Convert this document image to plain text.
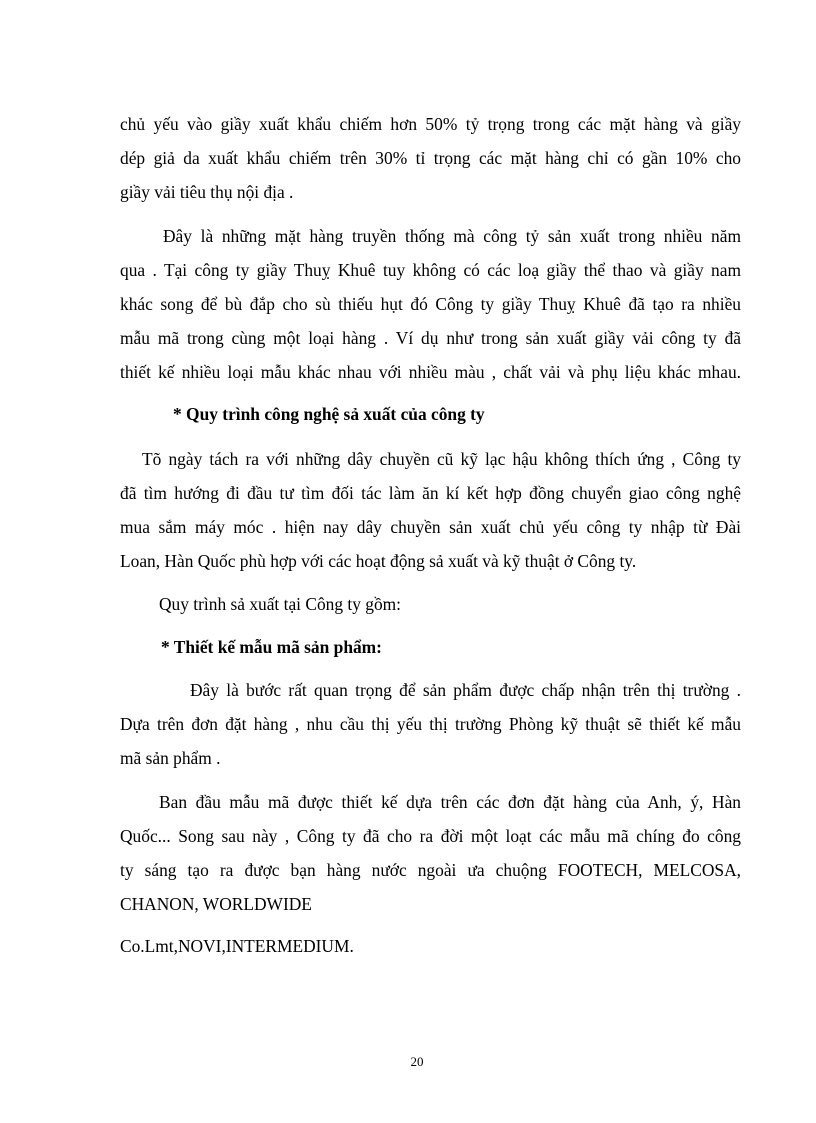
chủ yếu vào giầy xuất khẩu chiếm hơn 50% tỷ trọng trong các mặt hàng và giầy

dép giả da xuất khẩu chiếm trên 30% tỉ trọng các mặt hàng chỉ có gần 10% cho

giầy vải tiêu thụ nội địa .

Đây là những mặt hàng truyền thống mà công tỷ sản xuất trong nhiều năm

qua . Tại công ty giầy Thuỵ Khuê tuy không có các loạ giầy thể thao và giầy nam

khác song để bù đắp cho sù thiếu hụt đó Công ty giầy Thuỵ Khuê đã tạo ra nhiều

mẫu mã trong cùng một loại hàng . Ví dụ như trong sản xuất giầy vải công ty đã

thiết kế nhiều loại mẫu khác nhau với nhiều màu , chất vải và phụ liệu khác mhau.

* Quy trình công nghệ sả xuất của công ty

Tõ ngày tách ra với những dây chuyền cũ kỹ lạc hậu không thích ứng , Công ty

đã tìm hướng đi đầu tư tìm đối tác làm ăn kí kết hợp đồng chuyển giao công nghệ

mua sắm máy móc . hiện nay dây chuyền sản xuất chủ yếu công ty nhập từ Đài

Loan, Hàn Quốc phù hợp với các hoạt động sả xuất và kỹ thuật ở Công ty.

Quy trình sả xuất tại Công ty gồm:

* Thiết kế mẫu mã sản phẩm:

Đây là bước rất quan trọng để sản phẩm được chấp nhận trên thị trường .

Dựa trên đơn đặt hàng , nhu cầu thị yếu thị trường Phòng kỹ thuật sẽ thiết kế mẫu

mã sản phẩm .

Ban đầu mẫu mã được thiết kế dựa trên các đơn đặt hàng của Anh, ý, Hàn

Quốc... Song sau này , Công ty đã cho ra đời một loạt các mẫu mã chíng đo công

ty sáng tạo ra được bạn hàng nước ngoài ưa chuộng FOOTECH, MELCOSA,

CHANON, WORLDWIDE

Co.Lmt,NOVI,INTERMEDIUM.

20
